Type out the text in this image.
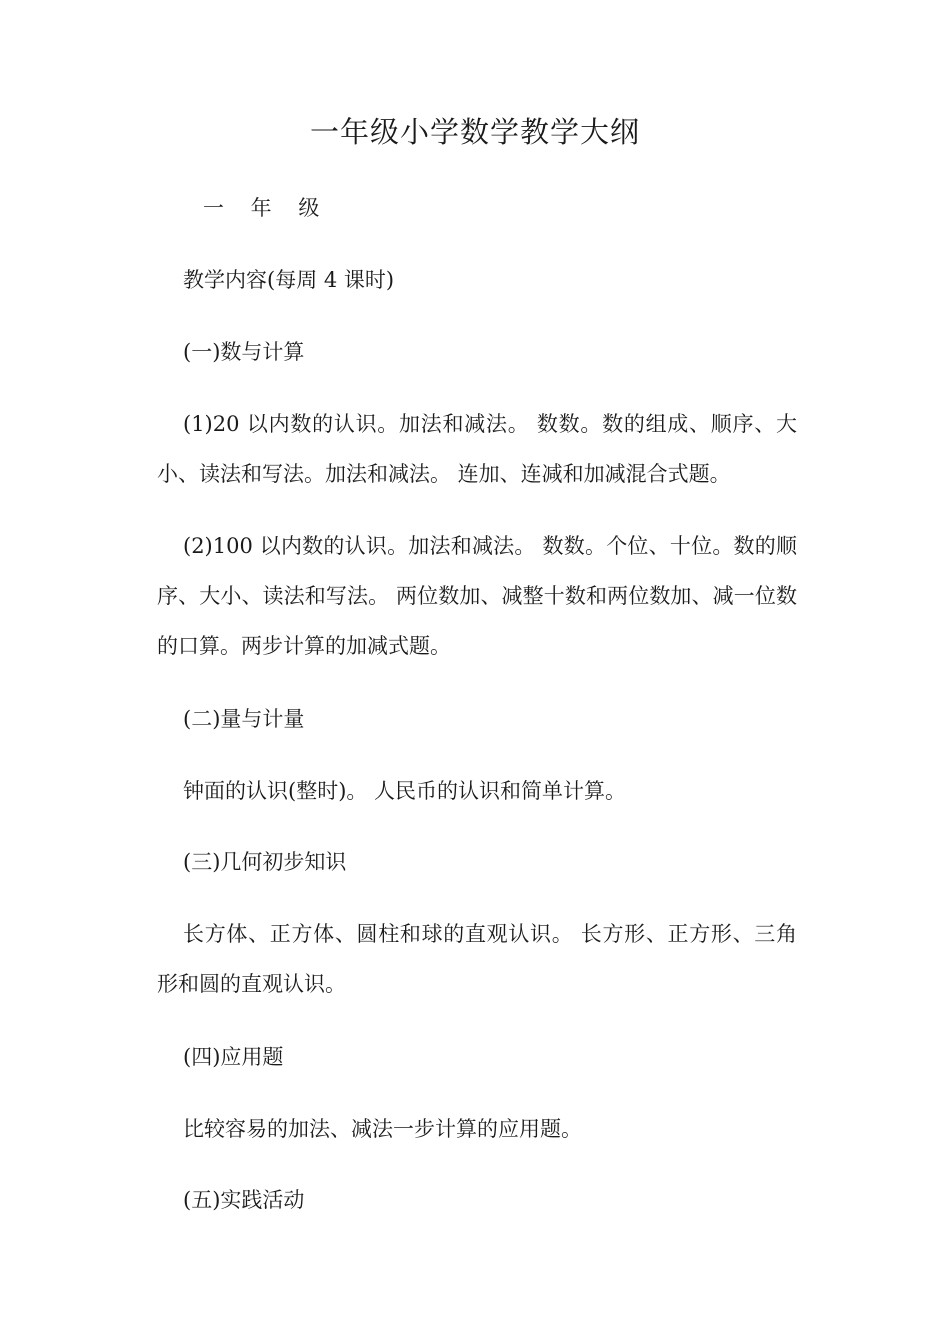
一年级小学数学教学大纲
一 年 级
教学内容(每周 4 课时)
(一)数与计算

(1)20 以内数的认识。加法和减法。 数数。数的组成、顺序、大小、读法和写法。加法和减法。 连加、连减和加减混合式题。

(2)100 以内数的认识。加法和减法。 数数。个位、十位。数的顺序、大小、读法和写法。 两位数加、减整十数和两位数加、减一位数的口算。两步计算的加减式题。

(二)量与计量

钟面的认识(整时)。 人民币的认识和简单计算。

(三)几何初步知识

长方体、正方体、圆柱和球的直观认识。 长方形、正方形、三角形和圆的直观认识。

(四)应用题

比较容易的加法、减法一步计算的应用题。

(五)实践活动
